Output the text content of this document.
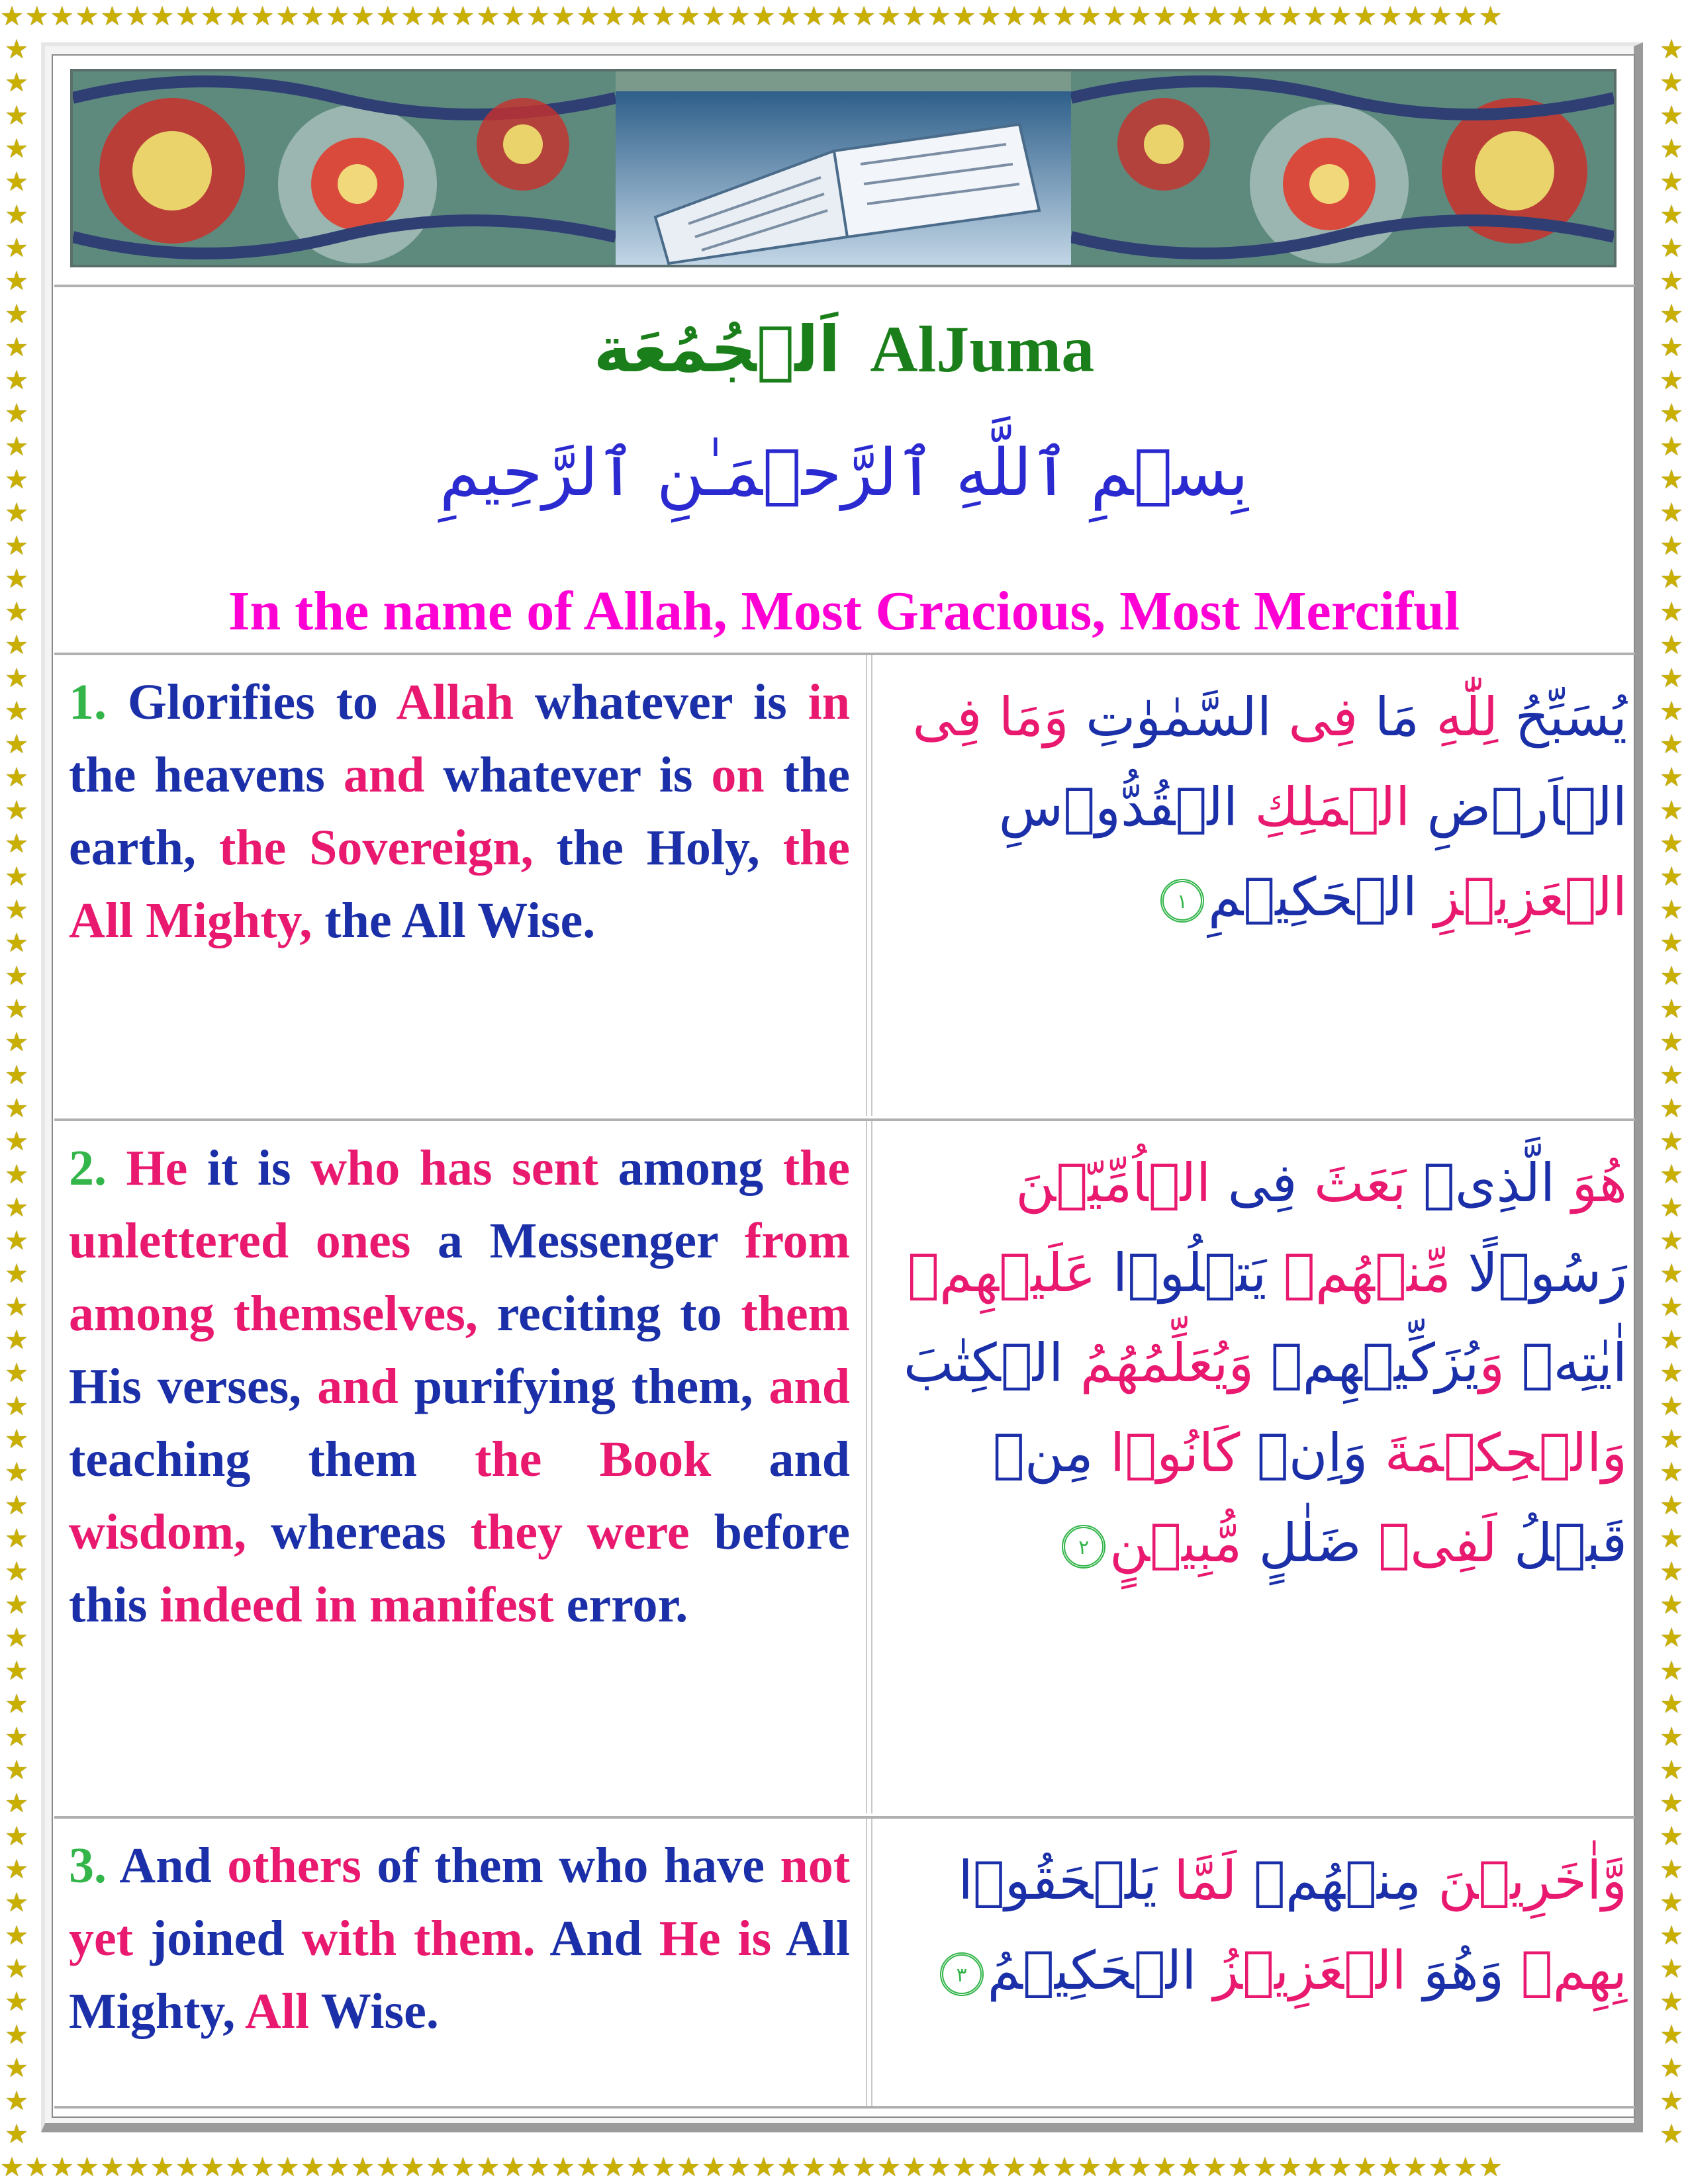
★★★★★★★★★★★★★★★★★★★★★★★★★★★★★★★★★★★★★★★★★★★★★★★★★★★★★★★★★★★★
★★★★★★★★★★★★★★★★★★★★★★★★★★★★★★★★★★★★★★★★★★★★★★★★★★★★★★★★★★★★
★★★★★★★★★★★★★★★★★★★★★★★★★★★★★★★★★★★★★★★★★★★★★★★★★★★★★★★★★★★★★★★★
★★★★★★★★★★★★★★★★★★★★★★★★★★★★★★★★★★★★★★★★★★★★★★★★★★★★★★★★★★★★★★★★
اَلۡجُمُعَة AlJuma
بِسۡمِ ٱللَّهِ ٱلرَّحۡمَـٰنِ ٱلرَّحِيمِ
In the name of Allah, Most Gracious, Most Merciful
1. Glorifies to Allah whatever is in the heavens and whatever is on the earth, the Sovereign, the Holy, the All Mighty, the All Wise.
يُسَبِّحُ لِلّٰهِ مَا فِی السَّمٰوٰتِ وَمَا فِی الۡاَرۡضِ الۡمَلِكِ الۡقُدُّوۡسِ الۡعَزِيۡزِ الۡحَكِيۡمِ١
2. He it is who has sent among the unlettered ones a Messenger from among themselves, reciting to them His verses, and purifying them, and teaching them the Book and wisdom, whereas they were before this indeed in manifest error.
هُوَ الَّذِیۡ بَعَثَ فِی الۡاُمِّیّٖنَ رَسُوۡلًا مِّنۡهُمۡ يَتۡلُوۡا عَلَيۡهِمۡ اٰيٰتِهٖ وَيُزَكِّيۡهِمۡ وَيُعَلِّمُهُمُ الۡكِتٰبَ وَالۡحِكۡمَةَ وَاِنۡ كَانُوۡا مِنۡ قَبۡلُ لَفِیۡ ضَلٰلٍ مُّبِيۡنٍ٢
3. And others of them who have not yet joined with them. And He is All Mighty, All Wise.
وَّاٰخَرِيۡنَ مِنۡهُمۡ لَمَّا يَلۡحَقُوۡا بِهِمۡ وَهُوَ الۡعَزِيۡزُ الۡحَكِيۡمُ٣
